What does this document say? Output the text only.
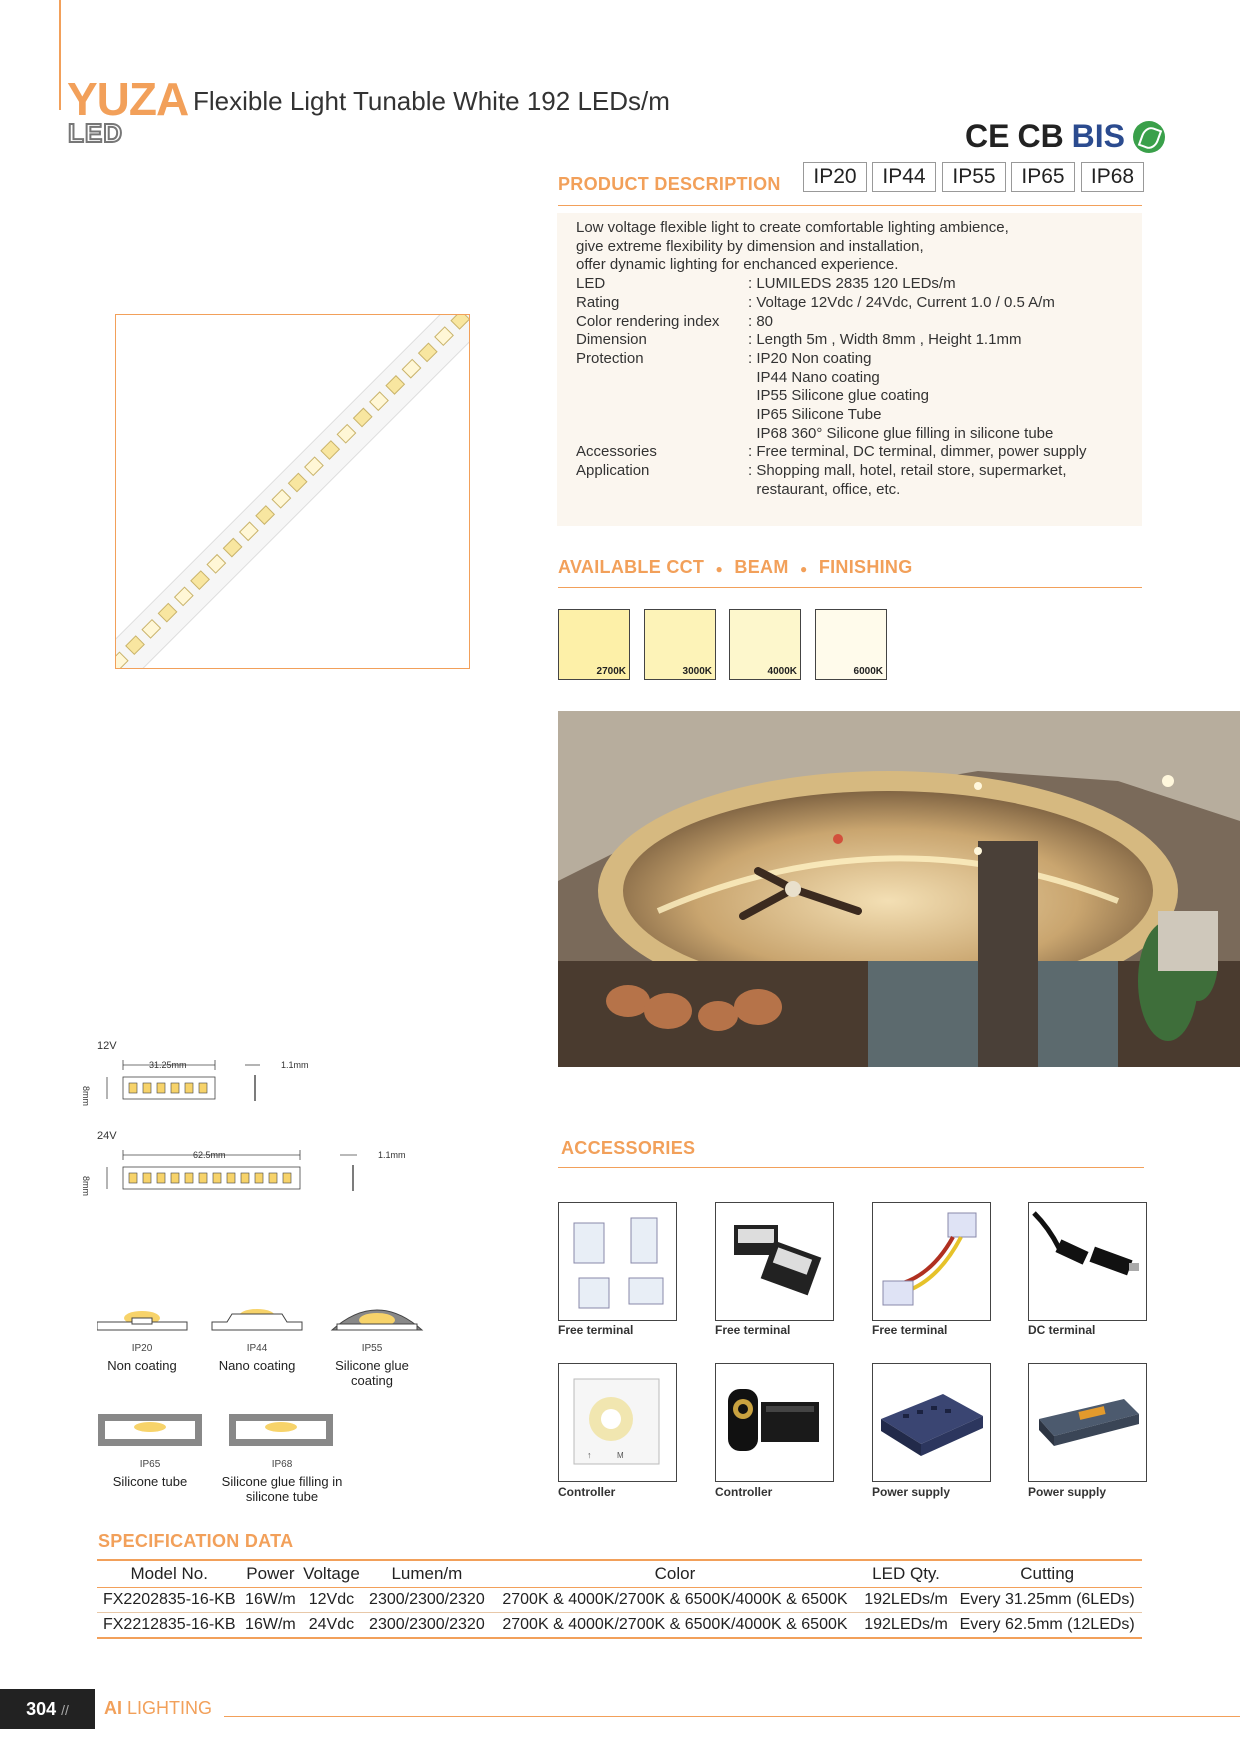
YUZA Flexible Light Tunable White 192 LEDs/m
LED	CE CB BIS
PRODUCT DESCRIPTION	IP20	IP44	IP55	IP65	IP68
Low voltage flexible light to create comfortable lighting ambience,
give extreme flexibility by dimension and installation,
offer dynamic lighting for enchanced experience.
LED	: LUMILEDS 2835 120 LEDs/m
Rating	: Voltage 12Vdc / 24Vdc, Current 1.0 / 0.5 A/m
Color rendering index	: 80
Dimension	: Length 5m , Width 8mm , Height 1.1mm
Protection	: IP20 Non coating
IP44 Nano coating
IP55 Silicone glue coating
IP65 Silicone Tube
IP68 360° Silicone glue filling in silicone tube
Accessories	: Free terminal, DC terminal, dimmer, power supply
Application	: Shopping mall, hotel, retail store, supermarket,
restaurant, office, etc.
AVAILABLE CCT ● BEAM ● FINISHING
2700K	3000K	4000K	6000K
12V
31.25mm	1.1mm
8mm
24V
62.5mm	1.1mm
8mm
IP20
Non coating
IP44
Nano coating
IP55
Silicone glue coating
IP65
Silicone tube
IP68
Silicone glue filling in silicone tube
ACCESSORIES
Free terminal	Free terminal	Free terminal	DC terminal
↑	M
Controller	Controller	Power supply	Power supply
SPECIFICATION DATA
Model No.	Power	Voltage	Lumen/m	Color	LED Qty.	Cutting
FX2202835-16-KB	16W/m	12Vdc	2300/2300/2320	2700K & 4000K/2700K & 6500K/4000K & 6500K	192LEDs/m	Every 31.25mm (6LEDs)
FX2212835-16-KB	16W/m	24Vdc	2300/2300/2320	2700K & 4000K/2700K & 6500K/4000K & 6500K	192LEDs/m	Every 62.5mm (12LEDs)
304 //	AI LIGHTING
